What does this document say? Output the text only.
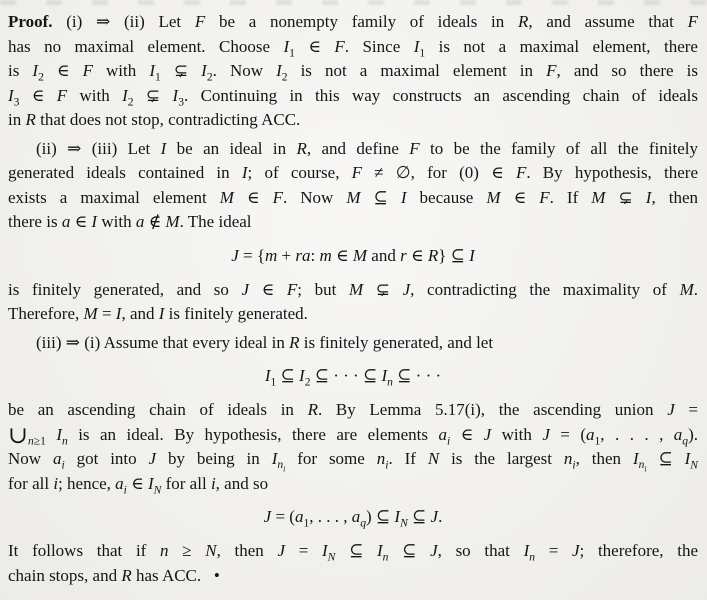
Proof. (i) ⇒ (ii) Let F be a nonempty family of ideals in R, and assume that F
has no maximal element. Choose $I_1$ ∈ F. Since $I_1$ is not a maximal element, there
is $I_2$ ∈ F with $I_1$ ⊊ $I_2$. Now $I_2$ is not a maximal element in F, and so there is
$I_3$ ∈ F with $I_2$ ⊊ $I_3$. Continuing in this way constructs an ascending chain of ideals
in R that does not stop, contradicting ACC.
(ii) ⇒ (iii) Let I be an ideal in R, and define F to be the family of all the finitely
generated ideals contained in I; of course, F ≠ ∅, for (0) ∈ F. By hypothesis, there
exists a maximal element M ∈ F. Now M ⊆ I because M ∈ F. If M ⊊ I, then
there is a ∈ I with a ∉ M. The ideal
J = {m + ra: m ∈ M and r ∈ R} ⊆ I
is finitely generated, and so J ∈ F; but M ⊊ J, contradicting the maximality of M.
Therefore, M = I, and I is finitely generated.
(iii) ⇒ (i) Assume that every ideal in R is finitely generated, and let
$I_1$ ⊆ $I_2$ ⊆ · · · ⊆ $I_n$ ⊆ · · ·
be an ascending chain of ideals in R. By Lemma 5.17(i), the ascending union J =
$\cup_{n\ge 1}$ $I_n$ is an ideal. By hypothesis, there are elements $a_i$ ∈ J with $J = (a_1$, . . . , $a_q$).
Now $a_i$ got into J by being in $I_{n_i}$ for some $n_i$. If N is the largest $n_i$, then $I_{n_i}$ ⊆ $I_N$
for all i; hence, $a_i$ ∈ $I_N$ for all i, and so
$J = (a_1$, . . . , $a_q$) ⊆ $I_N$ ⊆ J.
It follows that if n ≥ N, then $J = I_N$ ⊆ $I_n$ ⊆ J, so that $I_n = J$; therefore, the
chain stops, and R has ACC.   •
